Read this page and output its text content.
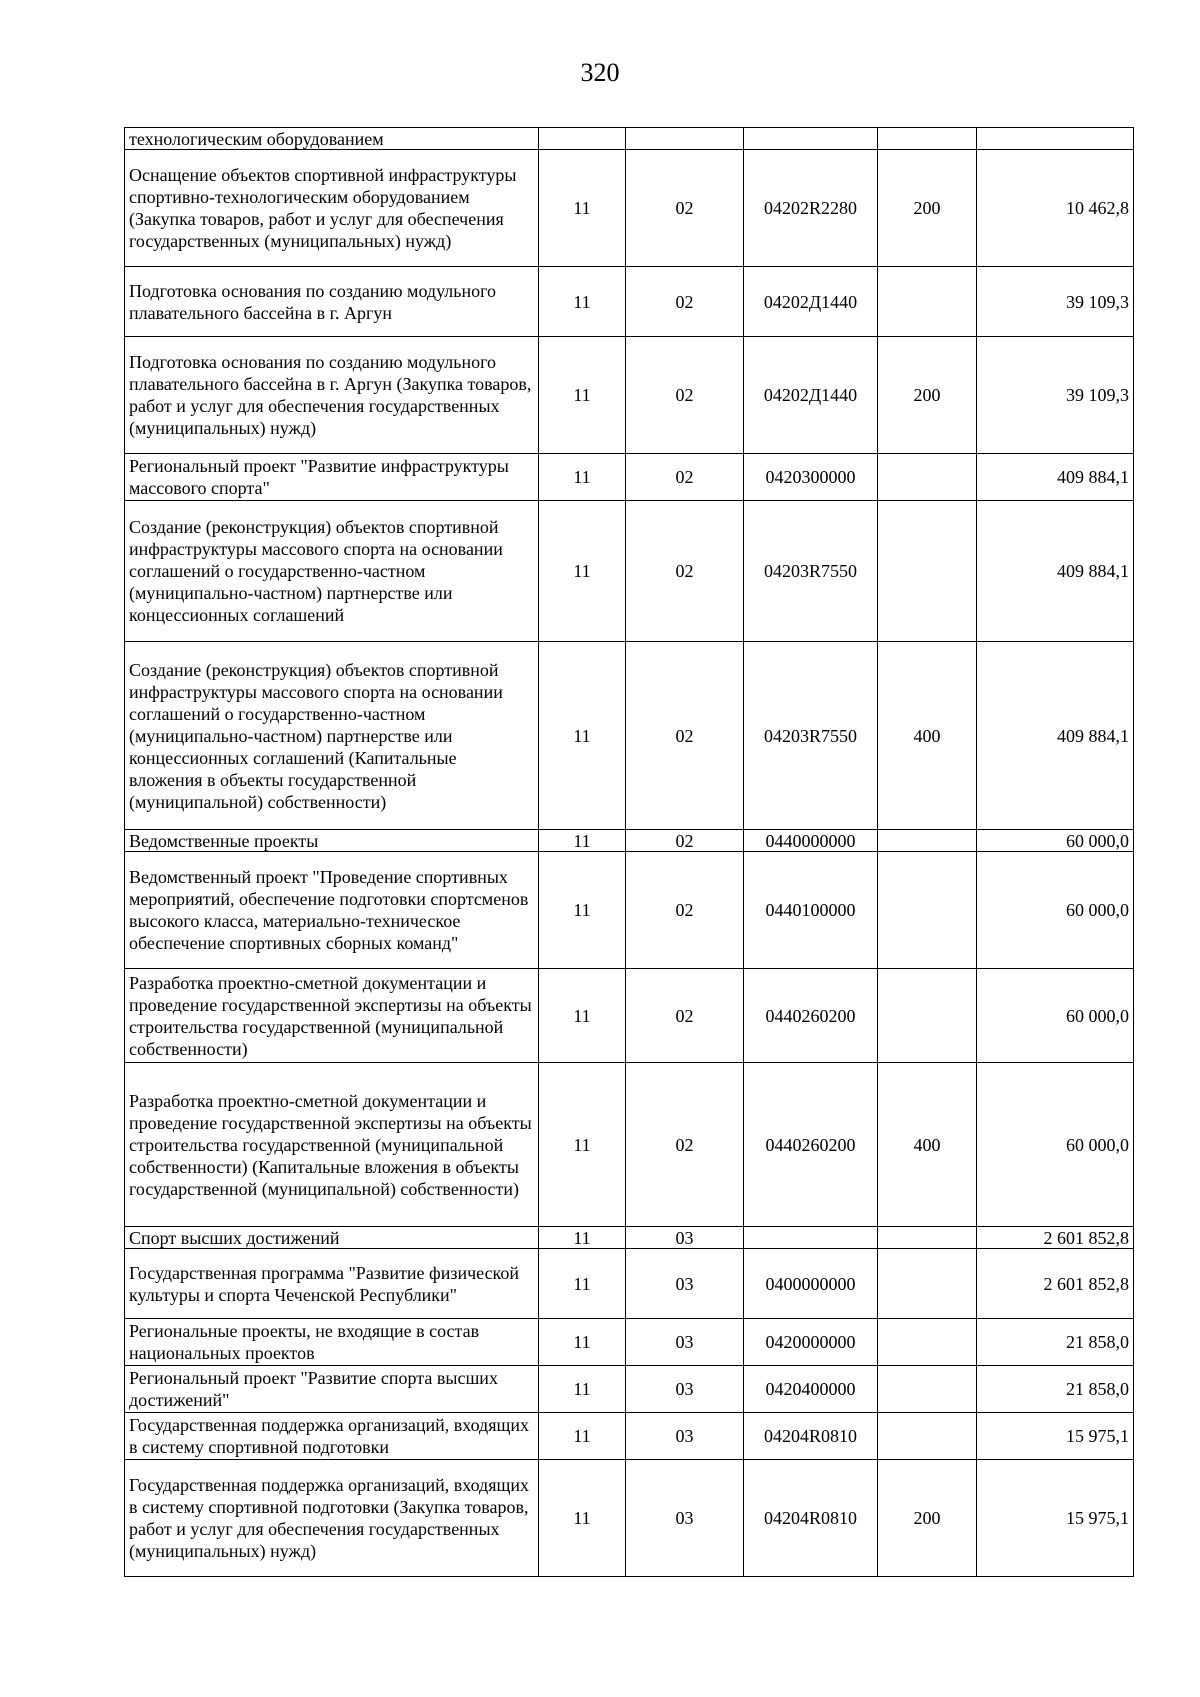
320
технологическим оборудованием					
Оснащение объектов спортивной инфраструктуры спортивно-технологическим оборудованием (Закупка товаров, работ и услуг для обеспечения государственных (муниципальных) нужд)	11	02	04202R2280	200	10 462,8
Подготовка основания по созданию модульного плавательного бассейна в г. Аргун	11	02	04202Д1440		39 109,3
Подготовка основания по созданию модульного плавательного бассейна в г. Аргун (Закупка товаров, работ и услуг для обеспечения государственных (муниципальных) нужд)	11	02	04202Д1440	200	39 109,3
Региональный проект "Развитие инфраструктуры массового спорта"	11	02	0420300000		409 884,1
Создание (реконструкция) объектов спортивной инфраструктуры массового спорта на основании соглашений о государственно-частном (муниципально-частном) партнерстве или концессионных соглашений	11	02	04203R7550		409 884,1
Создание (реконструкция) объектов спортивной инфраструктуры массового спорта на основании соглашений о государственно-частном (муниципально-частном) партнерстве или концессионных соглашений (Капитальные вложения в объекты государственной (муниципальной) собственности)	11	02	04203R7550	400	409 884,1
Ведомственные проекты	11	02	0440000000		60 000,0
Ведомственный проект "Проведение спортивных мероприятий, обеспечение подготовки спортсменов высокого класса, материально-техническое обеспечение спортивных сборных команд"	11	02	0440100000		60 000,0
Разработка проектно-сметной документации и проведение государственной экспертизы на объекты строительства государственной (муниципальной собственности)	11	02	0440260200		60 000,0
Разработка проектно-сметной документации и проведение государственной экспертизы на объекты строительства государственной (муниципальной собственности) (Капитальные вложения в объекты государственной (муниципальной) собственности)	11	02	0440260200	400	60 000,0
Спорт высших достижений	11	03			2 601 852,8
Государственная программа "Развитие физической культуры и спорта Чеченской Республики"	11	03	0400000000		2 601 852,8
Региональные проекты, не входящие в состав национальных проектов	11	03	0420000000		21 858,0
Региональный проект "Развитие спорта высших достижений"	11	03	0420400000		21 858,0
Государственная поддержка организаций, входящих в систему спортивной подготовки	11	03	04204R0810		15 975,1
Государственная поддержка организаций, входящих в систему спортивной подготовки (Закупка товаров, работ и услуг для обеспечения государственных (муниципальных) нужд)	11	03	04204R0810	200	15 975,1
